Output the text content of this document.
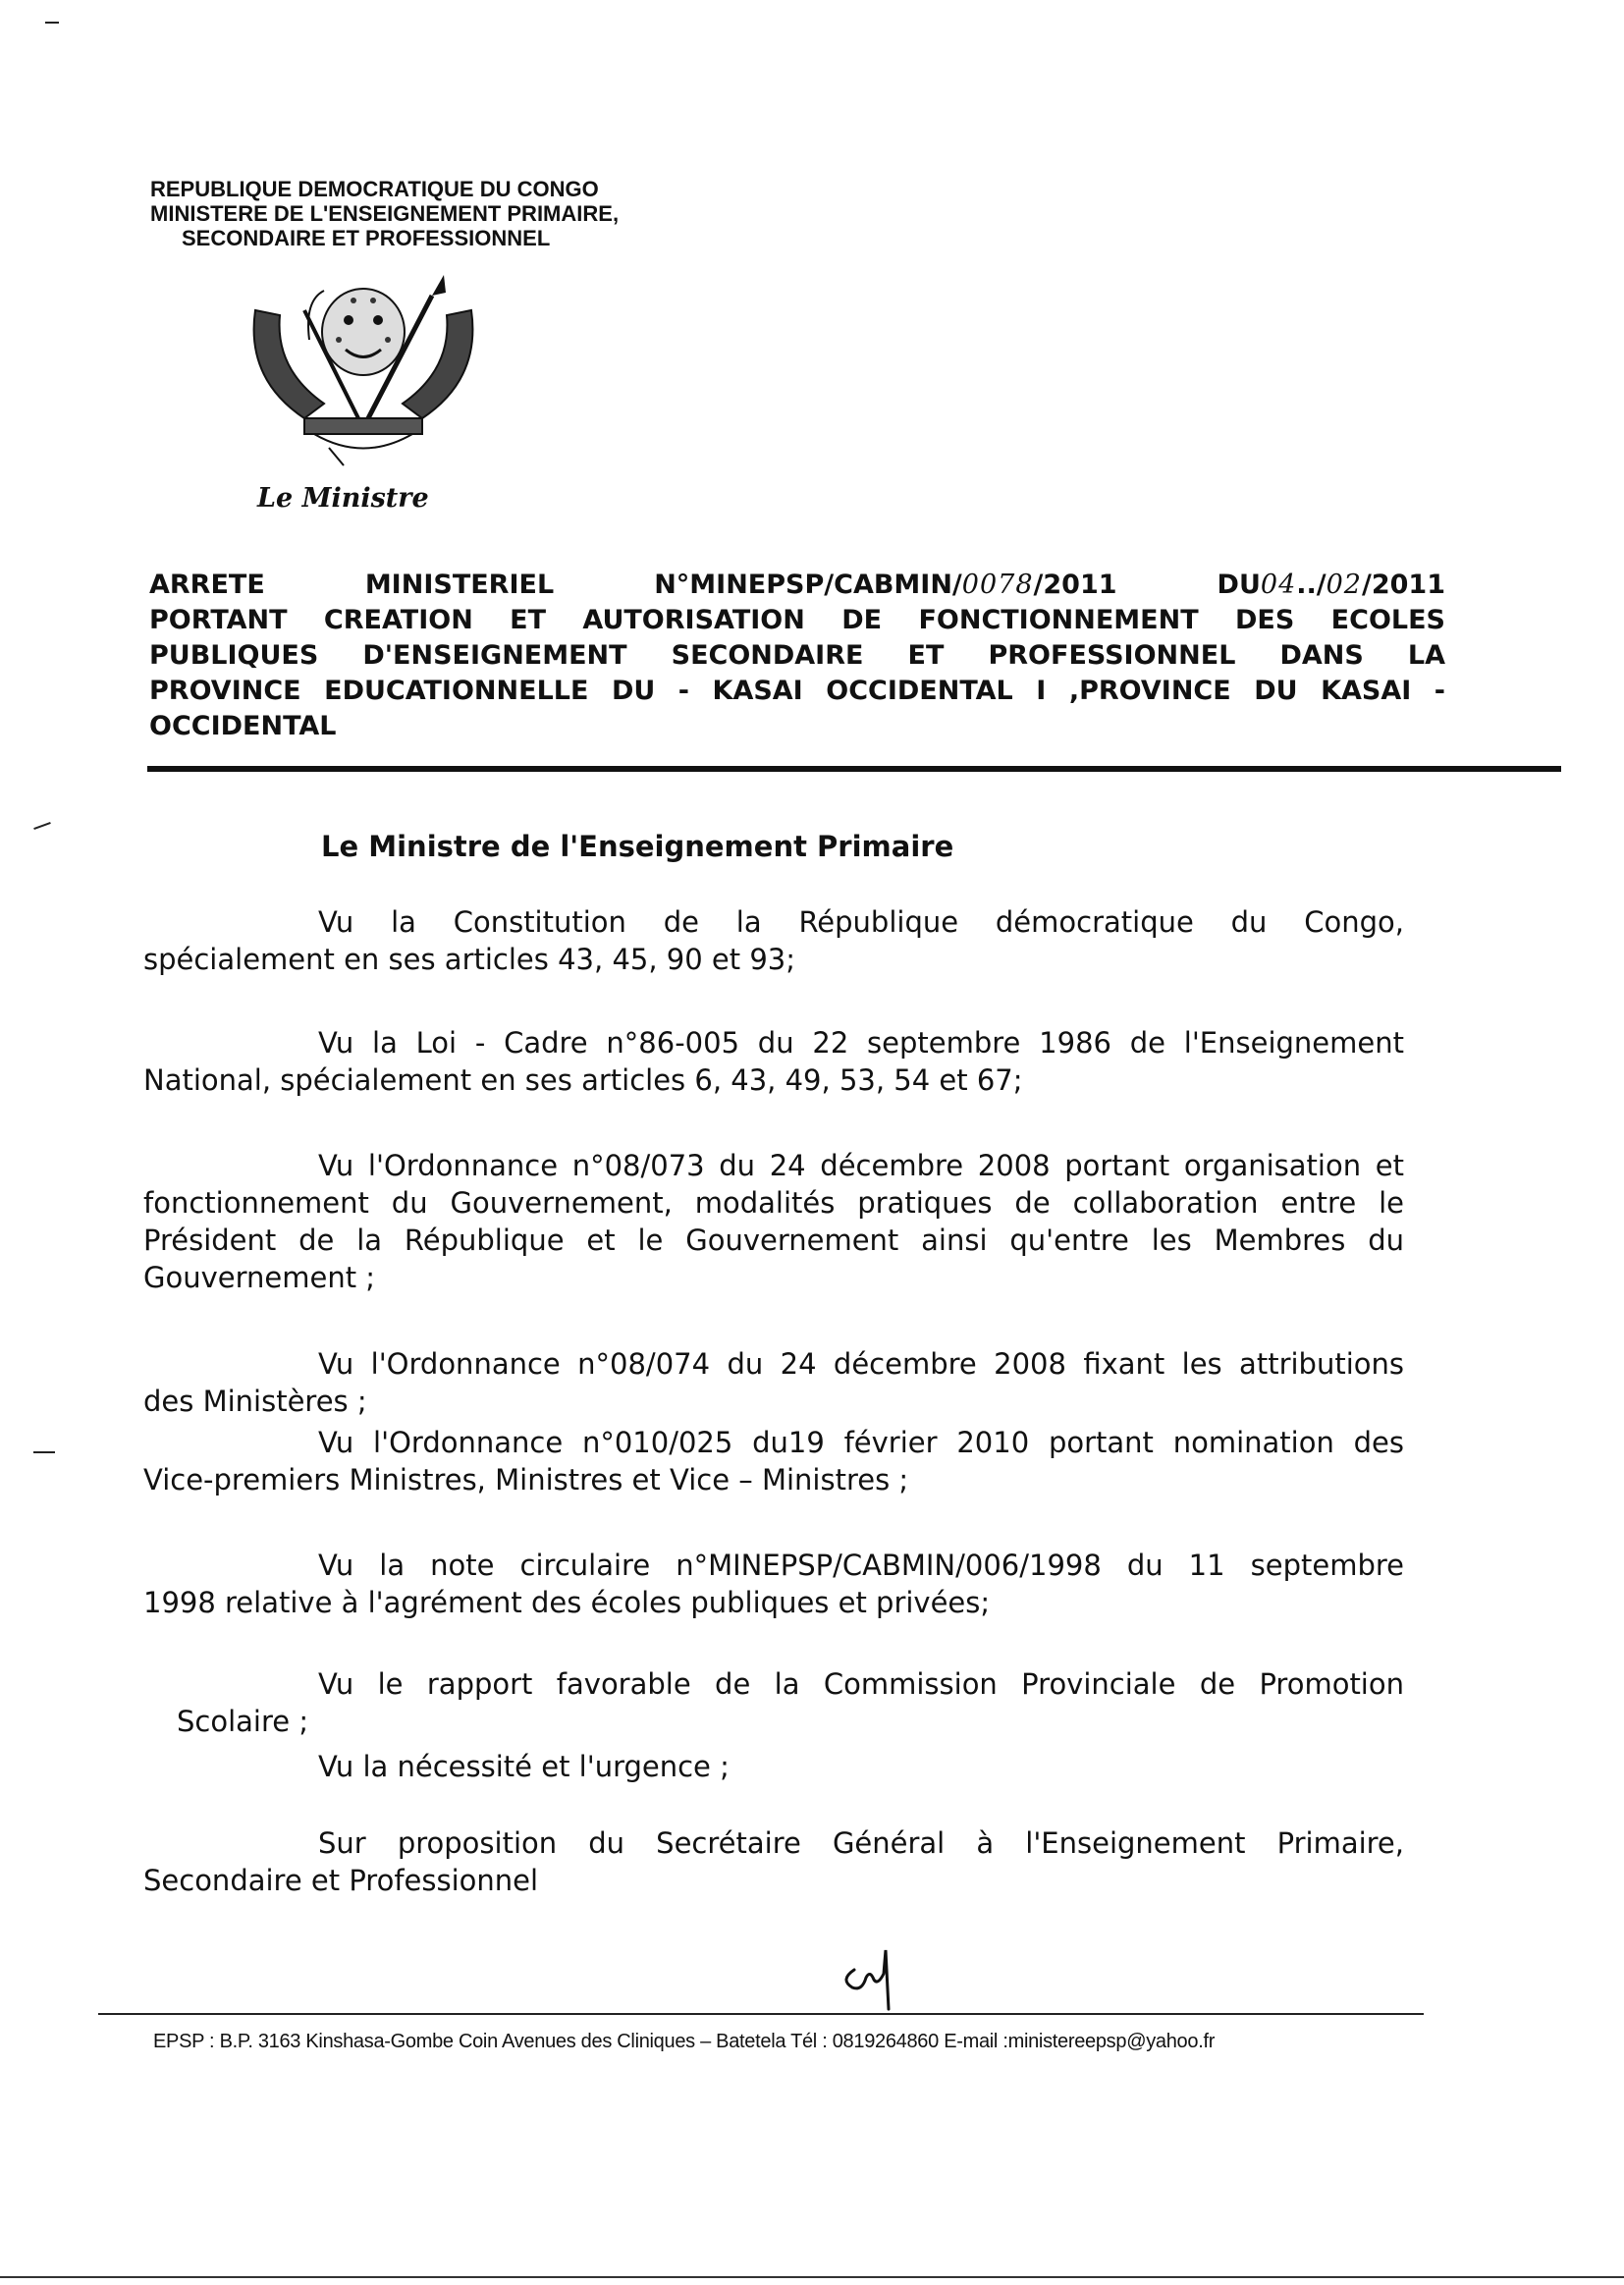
REPUBLIQUE DEMOCRATIQUE DU CONGO
MINISTERE DE L'ENSEIGNEMENT PRIMAIRE,
SECONDAIRE ET PROFESSIONNEL
Le Ministre
ARRETE	MINISTERIEL	N°MINEPSP/CABMIN/0078/2011	DU04../02/2011
PORTANT CREATION ET AUTORISATION DE FONCTIONNEMENT DES ECOLES
PUBLIQUES D'ENSEIGNEMENT SECONDAIRE ET PROFESSIONNEL DANS LA
PROVINCE EDUCATIONNELLE DU - KASAI OCCIDENTAL I ,PROVINCE DU KASAI -
OCCIDENTAL
Le Ministre de l'Enseignement Primaire
Vu la Constitution de la République démocratique du Congo,
spécialement en ses articles 43, 45, 90 et 93;
Vu la Loi - Cadre n°86-005 du 22 septembre 1986 de l'Enseignement
National, spécialement en ses articles 6, 43, 49, 53, 54 et 67;
Vu l'Ordonnance n°08/073 du 24 décembre 2008 portant organisation et
fonctionnement du Gouvernement, modalités pratiques de collaboration entre le
Président de la République et le Gouvernement ainsi qu'entre les Membres du
Gouvernement ;
Vu l'Ordonnance n°08/074 du 24 décembre 2008 fixant les attributions
des Ministères ;
Vu l'Ordonnance n°010/025 du19 février 2010 portant nomination des
Vice-premiers Ministres, Ministres et Vice – Ministres ;
Vu la note circulaire n°MINEPSP/CABMIN/006/1998 du 11 septembre
1998 relative à l'agrément des écoles publiques et privées;
Vu le rapport favorable de la Commission Provinciale de Promotion
Scolaire ;
Vu la nécessité et l'urgence ;
Sur proposition du Secrétaire Général à l'Enseignement Primaire,
Secondaire et Professionnel
EPSP : B.P. 3163 Kinshasa-Gombe Coin Avenues des Cliniques – Batetela Tél : 0819264860 E-mail :ministereepsp@yahoo.fr
